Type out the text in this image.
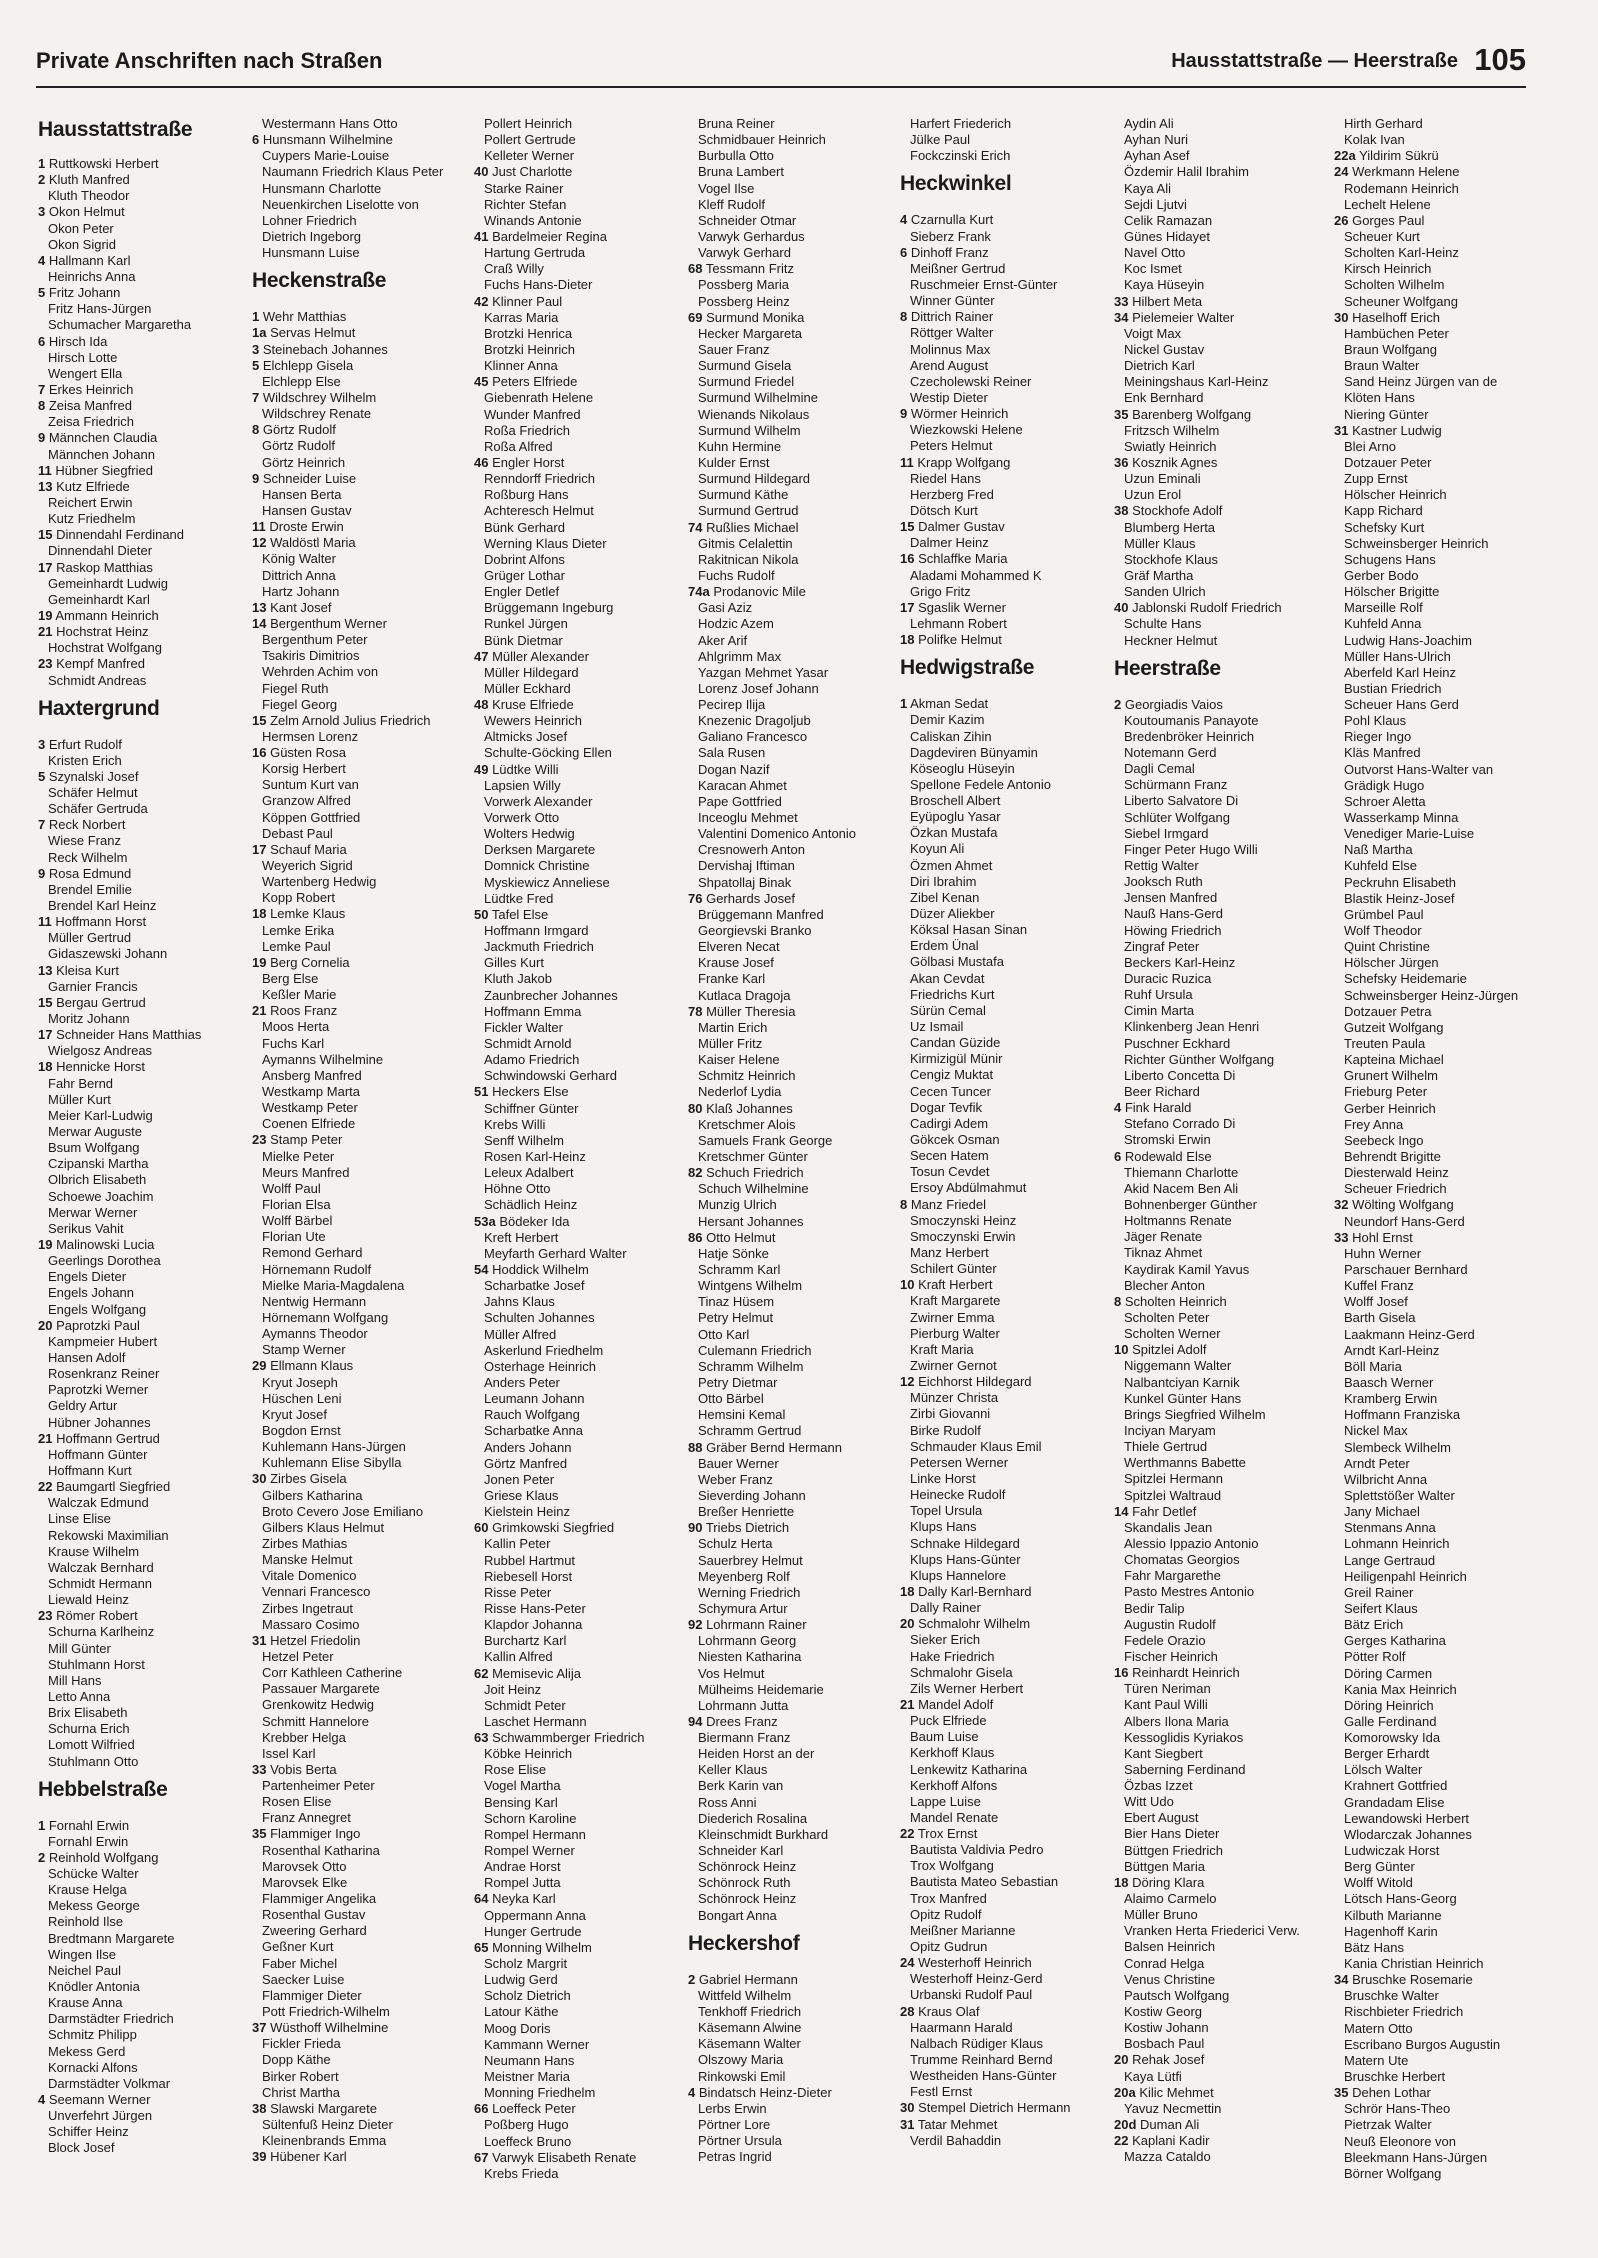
Private Anschriften nach Straßen	Hausstattstraße — Heerstraße 105
Hausstattstraße
1 Ruttkowski Herbert
2 Kluth Manfred
Kluth Theodor
3 Okon Helmut
Okon Peter
Okon Sigrid
4 Hallmann Karl
Heinrichs Anna
5 Fritz Johann
Fritz Hans-Jürgen
Schumacher Margaretha
6 Hirsch Ida
Hirsch Lotte
Wengert Ella
7 Erkes Heinrich
8 Zeisa Manfred
Zeisa Friedrich
9 Männchen Claudia
Männchen Johann
11 Hübner Siegfried
13 Kutz Elfriede
Reichert Erwin
Kutz Friedhelm
15 Dinnendahl Ferdinand
Dinnendahl Dieter
17 Raskop Matthias
Gemeinhardt Ludwig
Gemeinhardt Karl
19 Ammann Heinrich
21 Hochstrat Heinz
Hochstrat Wolfgang
23 Kempf Manfred
Schmidt Andreas
Haxtergrund
3 Erfurt Rudolf
Kristen Erich
5 Szynalski Josef
Schäfer Helmut
Schäfer Gertruda
7 Reck Norbert
Wiese Franz
Reck Wilhelm
9 Rosa Edmund
Brendel Emilie
Brendel Karl Heinz
11 Hoffmann Horst
Müller Gertrud
Gidaszewski Johann
13 Kleisa Kurt
Garnier Francis
15 Bergau Gertrud
Moritz Johann
17 Schneider Hans Matthias
Wielgosz Andreas
18 Hennicke Horst
Fahr Bernd
Müller Kurt
Meier Karl-Ludwig
Merwar Auguste
Bsum Wolfgang
Czipanski Martha
Olbrich Elisabeth
Schoewe Joachim
Merwar Werner
Serikus Vahit
19 Malinowski Lucia
Geerlings Dorothea
Engels Dieter
Engels Johann
Engels Wolfgang
20 Paprotzki Paul
Kampmeier Hubert
Hansen Adolf
Rosenkranz Reiner
Paprotzki Werner
Geldry Artur
Hübner Johannes
21 Hoffmann Gertrud
Hoffmann Günter
Hoffmann Kurt
22 Baumgartl Siegfried
Walczak Edmund
Linse Elise
Rekowski Maximilian
Krause Wilhelm
Walczak Bernhard
Schmidt Hermann
Liewald Heinz
23 Römer Robert
Schurna Karlheinz
Mill Günter
Stuhlmann Horst
Mill Hans
Letto Anna
Brix Elisabeth
Schurna Erich
Lomott Wilfried
Stuhlmann Otto
Hebbelstraße
1 Fornahl Erwin
Fornahl Erwin
2 Reinhold Wolfgang
Schücke Walter
Krause Helga
Mekess George
Reinhold Ilse
Bredtmann Margarete
Wingen Ilse
Neichel Paul
Knödler Antonia
Krause Anna
Darmstädter Friedrich
Schmitz Philipp
Mekess Gerd
Kornacki Alfons
Darmstädter Volkmar
4 Seemann Werner
Unverfehrt Jürgen
Schiffer Heinz
Block Josef
Westermann Hans Otto
6 Hunsmann Wilhelmine
Cuypers Marie-Louise
Naumann Friedrich Klaus Peter
Hunsmann Charlotte
Neuenkirchen Liselotte von
Lohner Friedrich
Dietrich Ingeborg
Hunsmann Luise
Heckenstraße
1 Wehr Matthias
1a Servas Helmut
3 Steinebach Johannes
5 Elchlepp Gisela
Elchlepp Else
7 Wildschrey Wilhelm
Wildschrey Renate
8 Görtz Rudolf
Görtz Rudolf
Görtz Heinrich
9 Schneider Luise
Hansen Berta
Hansen Gustav
11 Droste Erwin
12 Waldöstl Maria
König Walter
Dittrich Anna
Hartz Johann
13 Kant Josef
14 Bergenthum Werner
Bergenthum Peter
Tsakiris Dimitrios
Wehrden Achim von
Fiegel Ruth
Fiegel Georg
15 Zelm Arnold Julius Friedrich
Hermsen Lorenz
16 Güsten Rosa
Korsig Herbert
Suntum Kurt van
Granzow Alfred
Köppen Gottfried
Debast Paul
17 Schauf Maria
Weyerich Sigrid
Wartenberg Hedwig
Kopp Robert
18 Lemke Klaus
Lemke Erika
Lemke Paul
19 Berg Cornelia
Berg Else
Keßler Marie
21 Roos Franz
Moos Herta
Fuchs Karl
Aymanns Wilhelmine
Ansberg Manfred
Westkamp Marta
Westkamp Peter
Coenen Elfriede
23 Stamp Peter
Mielke Peter
Meurs Manfred
Wolff Paul
Florian Elsa
Wolff Bärbel
Florian Ute
Remond Gerhard
Hörnemann Rudolf
Mielke Maria-Magdalena
Nentwig Hermann
Hörnemann Wolfgang
Aymanns Theodor
Stamp Werner
29 Ellmann Klaus
Kryut Joseph
Hüschen Leni
Kryut Josef
Bogdon Ernst
Kuhlemann Hans-Jürgen
Kuhlemann Elise Sibylla
30 Zirbes Gisela
Gilbers Katharina
Broto Cevero Jose Emiliano
Gilbers Klaus Helmut
Zirbes Mathias
Manske Helmut
Vitale Domenico
Vennari Francesco
Zirbes Ingetraut
Massaro Cosimo
31 Hetzel Friedolin
Hetzel Peter
Corr Kathleen Catherine
Passauer Margarete
Grenkowitz Hedwig
Schmitt Hannelore
Krebber Helga
Issel Karl
33 Vobis Berta
Partenheimer Peter
Rosen Elise
Franz Annegret
35 Flammiger Ingo
Rosenthal Katharina
Marovsek Otto
Marovsek Elke
Flammiger Angelika
Rosenthal Gustav
Zweering Gerhard
Geßner Kurt
Faber Michel
Saecker Luise
Flammiger Dieter
Pott Friedrich-Wilhelm
37 Wüsthoff Wilhelmine
Fickler Frieda
Dopp Käthe
Birker Robert
Christ Martha
38 Slawski Margarete
Sültenfuß Heinz Dieter
Kleinenbrands Emma
39 Hübener Karl
Pollert Heinrich
Pollert Gertrude
Kelleter Werner
40 Just Charlotte
Starke Rainer
Richter Stefan
Winands Antonie
41 Bardelmeier Regina
Hartung Gertruda
Craß Willy
Fuchs Hans-Dieter
42 Klinner Paul
Karras Maria
Brotzki Henrica
Brotzki Heinrich
Klinner Anna
45 Peters Elfriede
Giebenrath Helene
Wunder Manfred
Roßa Friedrich
Roßa Alfred
46 Engler Horst
Renndorff Friedrich
Roßburg Hans
Achteresch Helmut
Bünk Gerhard
Werning Klaus Dieter
Dobrint Alfons
Grüger Lothar
Engler Detlef
Brüggemann Ingeburg
Runkel Jürgen
Bünk Dietmar
47 Müller Alexander
Müller Hildegard
Müller Eckhard
48 Kruse Elfriede
Wewers Heinrich
Altmicks Josef
Schulte-Göcking Ellen
49 Lüdtke Willi
Lapsien Willy
Vorwerk Alexander
Vorwerk Otto
Wolters Hedwig
Derksen Margarete
Domnick Christine
Myskiewicz Anneliese
Lüdtke Fred
50 Tafel Else
Hoffmann Irmgard
Jackmuth Friedrich
Gilles Kurt
Kluth Jakob
Zaunbrecher Johannes
Hoffmann Emma
Fickler Walter
Schmidt Arnold
Adamo Friedrich
Schwindowski Gerhard
51 Heckers Else
Schiffner Günter
Krebs Willi
Senff Wilhelm
Rosen Karl-Heinz
Leleux Adalbert
Höhne Otto
Schädlich Heinz
53a Bödeker Ida
Kreft Herbert
Meyfarth Gerhard Walter
54 Hoddick Wilhelm
Scharbatke Josef
Jahns Klaus
Schulten Johannes
Müller Alfred
Askerlund Friedhelm
Osterhage Heinrich
Anders Peter
Leumann Johann
Rauch Wolfgang
Scharbatke Anna
Anders Johann
Görtz Manfred
Jonen Peter
Griese Klaus
Kielstein Heinz
60 Grimkowski Siegfried
Kallin Peter
Rubbel Hartmut
Riebesell Horst
Risse Peter
Risse Hans-Peter
Klapdor Johanna
Burchartz Karl
Kallin Alfred
62 Memisevic Alija
Joit Heinz
Schmidt Peter
Laschet Hermann
63 Schwammberger Friedrich
Köbke Heinrich
Rose Elise
Vogel Martha
Bensing Karl
Schorn Karoline
Rompel Hermann
Rompel Werner
Andrae Horst
Rompel Jutta
64 Neyka Karl
Oppermann Anna
Hunger Gertrude
65 Monning Wilhelm
Scholz Margrit
Ludwig Gerd
Scholz Dietrich
Latour Käthe
Moog Doris
Kammann Werner
Neumann Hans
Meistner Maria
Monning Friedhelm
66 Loeffeck Peter
Poßberg Hugo
Loeffeck Bruno
67 Varwyk Elisabeth Renate
Krebs Frieda
Bruna Reiner
Schmidbauer Heinrich
Burbulla Otto
Bruna Lambert
Vogel Ilse
Kleff Rudolf
Schneider Otmar
Varwyk Gerhardus
Varwyk Gerhard
68 Tessmann Fritz
Possberg Maria
Possberg Heinz
69 Surmund Monika
Hecker Margareta
Sauer Franz
Surmund Gisela
Surmund Friedel
Surmund Wilhelmine
Wienands Nikolaus
Surmund Wilhelm
Kuhn Hermine
Kulder Ernst
Surmund Hildegard
Surmund Käthe
Surmund Gertrud
74 Rußlies Michael
Gitmis Celalettin
Rakitnican Nikola
Fuchs Rudolf
74a Prodanovic Mile
Gasi Aziz
Hodzic Azem
Aker Arif
Ahlgrimm Max
Yazgan Mehmet Yasar
Lorenz Josef Johann
Pecirep Ilija
Knezenic Dragoljub
Galiano Francesco
Sala Rusen
Dogan Nazif
Karacan Ahmet
Pape Gottfried
Inceoglu Mehmet
Valentini Domenico Antonio
Cresnowerh Anton
Dervishaj Iftiman
Shpatollaj Binak
76 Gerhards Josef
Brüggemann Manfred
Georgievski Branko
Elveren Necat
Krause Josef
Franke Karl
Kutlaca Dragoja
78 Müller Theresia
Martin Erich
Müller Fritz
Kaiser Helene
Schmitz Heinrich
Nederlof Lydia
80 Klaß Johannes
Kretschmer Alois
Samuels Frank George
Kretschmer Günter
82 Schuch Friedrich
Schuch Wilhelmine
Munzig Ulrich
Hersant Johannes
86 Otto Helmut
Hatje Sönke
Schramm Karl
Wintgens Wilhelm
Tinaz Hüsem
Petry Helmut
Otto Karl
Culemann Friedrich
Schramm Wilhelm
Petry Dietmar
Otto Bärbel
Hemsini Kemal
Schramm Gertrud
88 Gräber Bernd Hermann
Bauer Werner
Weber Franz
Sieverding Johann
Breßer Henriette
90 Triebs Dietrich
Schulz Herta
Sauerbrey Helmut
Meyenberg Rolf
Werning Friedrich
Schymura Artur
92 Lohrmann Rainer
Lohrmann Georg
Niesten Katharina
Vos Helmut
Mülheims Heidemarie
Lohrmann Jutta
94 Drees Franz
Biermann Franz
Heiden Horst an der
Keller Klaus
Berk Karin van
Ross Anni
Diederich Rosalina
Kleinschmidt Burkhard
Schneider Karl
Schönrock Heinz
Schönrock Ruth
Schönrock Heinz
Bongart Anna
Heckershof
2 Gabriel Hermann
Wittfeld Wilhelm
Tenkhoff Friedrich
Käsemann Alwine
Käsemann Walter
Olszowy Maria
Rinkowski Emil
4 Bindatsch Heinz-Dieter
Lerbs Erwin
Pörtner Lore
Pörtner Ursula
Petras Ingrid
Harfert Friederich
Jülke Paul
Fockczinski Erich
Heckwinkel
4 Czarnulla Kurt
Sieberz Frank
6 Dinhoff Franz
Meißner Gertrud
Ruschmeier Ernst-Günter
Winner Günter
8 Dittrich Rainer
Röttger Walter
Molinnus Max
Arend August
Czecholewski Reiner
Westip Dieter
9 Wörmer Heinrich
Wiezkowski Helene
Peters Helmut
11 Krapp Wolfgang
Riedel Hans
Herzberg Fred
Dötsch Kurt
15 Dalmer Gustav
Dalmer Heinz
16 Schlaffke Maria
Aladami Mohammed K
Grigo Fritz
17 Sgaslik Werner
Lehmann Robert
18 Polifke Helmut
Hedwigstraße
1 Akman Sedat
Demir Kazim
Caliskan Zihin
Dagdeviren Bünyamin
Köseoglu Hüseyin
Spellone Fedele Antonio
Broschell Albert
Eyüpoglu Yasar
Özkan Mustafa
Koyun Ali
Özmen Ahmet
Diri Ibrahim
Zibel Kenan
Düzer Aliekber
Köksal Hasan Sinan
Erdem Ünal
Gölbasi Mustafa
Akan Cevdat
Friedrichs Kurt
Sürün Cemal
Uz Ismail
Candan Güzide
Kirmizigül Münir
Cengiz Muktat
Cecen Tuncer
Dogar Tevfik
Cadirgi Adem
Gökcek Osman
Secen Hatem
Tosun Cevdet
Ersoy Abdülmahmut
8 Manz Friedel
Smoczynski Heinz
Smoczynski Erwin
Manz Herbert
Schilert Günter
10 Kraft Herbert
Kraft Margarete
Zwirner Emma
Pierburg Walter
Kraft Maria
Zwirner Gernot
12 Eichhorst Hildegard
Münzer Christa
Zirbi Giovanni
Birke Rudolf
Schmauder Klaus Emil
Petersen Werner
Linke Horst
Heinecke Rudolf
Topel Ursula
Klups Hans
Schnake Hildegard
Klups Hans-Günter
Klups Hannelore
18 Dally Karl-Bernhard
Dally Rainer
20 Schmalohr Wilhelm
Sieker Erich
Hake Friedrich
Schmalohr Gisela
Zils Werner Herbert
21 Mandel Adolf
Puck Elfriede
Baum Luise
Kerkhoff Klaus
Lenkewitz Katharina
Kerkhoff Alfons
Lappe Luise
Mandel Renate
22 Trox Ernst
Bautista Valdivia Pedro
Trox Wolfgang
Bautista Mateo Sebastian
Trox Manfred
Opitz Rudolf
Meißner Marianne
Opitz Gudrun
24 Westerhoff Heinrich
Westerhoff Heinz-Gerd
Urbanski Rudolf Paul
28 Kraus Olaf
Haarmann Harald
Nalbach Rüdiger Klaus
Trumme Reinhard Bernd
Westheiden Hans-Günter
Festl Ernst
30 Stempel Dietrich Hermann
31 Tatar Mehmet
Verdil Bahaddin
Aydin Ali
Ayhan Nuri
Ayhan Asef
Özdemir Halil Ibrahim
Kaya Ali
Sejdi Ljutvi
Celik Ramazan
Günes Hidayet
Navel Otto
Koc Ismet
Kaya Hüseyin
33 Hilbert Meta
34 Pielemeier Walter
Voigt Max
Nickel Gustav
Dietrich Karl
Meiningshaus Karl-Heinz
Enk Bernhard
35 Barenberg Wolfgang
Fritzsch Wilhelm
Swiatly Heinrich
36 Kosznik Agnes
Uzun Eminali
Uzun Erol
38 Stockhofe Adolf
Blumberg Herta
Müller Klaus
Stockhofe Klaus
Gräf Martha
Sanden Ulrich
40 Jablonski Rudolf Friedrich
Schulte Hans
Heckner Helmut
Heerstraße
2 Georgiadis Vaios
Koutoumanis Panayote
Bredenbröker Heinrich
Notemann Gerd
Dagli Cemal
Schürmann Franz
Liberto Salvatore Di
Schlüter Wolfgang
Siebel Irmgard
Finger Peter Hugo Willi
Rettig Walter
Jooksch Ruth
Jensen Manfred
Nauß Hans-Gerd
Höwing Friedrich
Zingraf Peter
Beckers Karl-Heinz
Duracic Ruzica
Ruhf Ursula
Cimin Marta
Klinkenberg Jean Henri
Puschner Eckhard
Richter Günther Wolfgang
Liberto Concetta Di
Beer Richard
4 Fink Harald
Stefano Corrado Di
Stromski Erwin
6 Rodewald Else
Thiemann Charlotte
Akid Nacem Ben Ali
Bohnenberger Günther
Holtmanns Renate
Jäger Renate
Tiknaz Ahmet
Kaydirak Kamil Yavus
Blecher Anton
8 Scholten Heinrich
Scholten Peter
Scholten Werner
10 Spitzlei Adolf
Niggemann Walter
Nalbantciyan Karnik
Kunkel Günter Hans
Brings Siegfried Wilhelm
Inciyan Maryam
Thiele Gertrud
Werthmanns Babette
Spitzlei Hermann
Spitzlei Waltraud
14 Fahr Detlef
Skandalis Jean
Alessio Ippazio Antonio
Chomatas Georgios
Fahr Margarethe
Pasto Mestres Antonio
Bedir Talip
Augustin Rudolf
Fedele Orazio
Fischer Heinrich
16 Reinhardt Heinrich
Türen Neriman
Kant Paul Willi
Albers Ilona Maria
Kessoglidis Kyriakos
Kant Siegbert
Saberning Ferdinand
Özbas Izzet
Witt Udo
Ebert August
Bier Hans Dieter
Büttgen Friedrich
Büttgen Maria
18 Döring Klara
Alaimo Carmelo
Müller Bruno
Vranken Herta Friederici Verw.
Balsen Heinrich
Conrad Helga
Venus Christine
Pautsch Wolfgang
Kostiw Georg
Kostiw Johann
Bosbach Paul
20 Rehak Josef
Kaya Lütfi
20a Kilic Mehmet
Yavuz Necmettin
20d Duman Ali
22 Kaplani Kadir
Mazza Cataldo
Hirth Gerhard
Kolak Ivan
22a Yildirim Sükrü
24 Werkmann Helene
Rodemann Heinrich
Lechelt Helene
26 Gorges Paul
Scheuer Kurt
Scholten Karl-Heinz
Kirsch Heinrich
Scholten Wilhelm
Scheuner Wolfgang
30 Haselhoff Erich
Hambüchen Peter
Braun Wolfgang
Braun Walter
Sand Heinz Jürgen van de
Klöten Hans
Niering Günter
31 Kastner Ludwig
Blei Arno
Dotzauer Peter
Zupp Ernst
Hölscher Heinrich
Kapp Richard
Schefsky Kurt
Schweinsberger Heinrich
Schugens Hans
Gerber Bodo
Hölscher Brigitte
Marseille Rolf
Kuhfeld Anna
Ludwig Hans-Joachim
Müller Hans-Ulrich
Aberfeld Karl Heinz
Bustian Friedrich
Scheuer Hans Gerd
Pohl Klaus
Rieger Ingo
Kläs Manfred
Outvorst Hans-Walter van
Grädigk Hugo
Schroer Aletta
Wasserkamp Minna
Venediger Marie-Luise
Naß Martha
Kuhfeld Else
Peckruhn Elisabeth
Blastik Heinz-Josef
Grümbel Paul
Wolf Theodor
Quint Christine
Hölscher Jürgen
Schefsky Heidemarie
Schweinsberger Heinz-Jürgen
Dotzauer Petra
Gutzeit Wolfgang
Treuten Paula
Kapteina Michael
Grunert Wilhelm
Frieburg Peter
Gerber Heinrich
Frey Anna
Seebeck Ingo
Behrendt Brigitte
Diesterwald Heinz
Scheuer Friedrich
32 Wölting Wolfgang
Neundorf Hans-Gerd
33 Hohl Ernst
Huhn Werner
Parschauer Bernhard
Kuffel Franz
Wolff Josef
Barth Gisela
Laakmann Heinz-Gerd
Arndt Karl-Heinz
Böll Maria
Baasch Werner
Kramberg Erwin
Hoffmann Franziska
Nickel Max
Slembeck Wilhelm
Arndt Peter
Wilbricht Anna
Splettstößer Walter
Jany Michael
Stenmans Anna
Lohmann Heinrich
Lange Gertraud
Heiligenpahl Heinrich
Greil Rainer
Seifert Klaus
Bätz Erich
Gerges Katharina
Pötter Rolf
Döring Carmen
Kania Max Heinrich
Döring Heinrich
Galle Ferdinand
Komorowsky Ida
Berger Erhardt
Lölsch Walter
Krahnert Gottfried
Grandadam Elise
Lewandowski Herbert
Wlodarczak Johannes
Ludwiczak Horst
Berg Günter
Wolff Witold
Lötsch Hans-Georg
Kilbuth Marianne
Hagenhoff Karin
Bätz Hans
Kania Christian Heinrich
34 Bruschke Rosemarie
Bruschke Walter
Rischbieter Friedrich
Matern Otto
Escribano Burgos Augustin
Matern Ute
Bruschke Herbert
35 Dehen Lothar
Schrör Hans-Theo
Pietrzak Walter
Neuß Eleonore von
Bleekmann Hans-Jürgen
Börner Wolfgang
